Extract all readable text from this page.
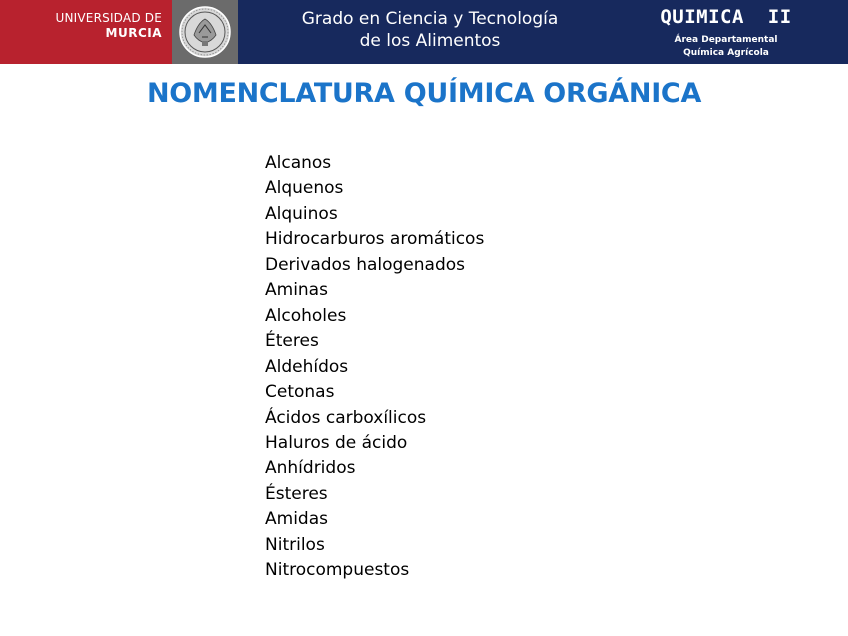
UNIVERSIDAD DE
MURCIA
Grado en Ciencia y Tecnología
de los Alimentos
QUIMICA  II
Área Departamental
Química Agrícola
NOMENCLATURA QUÍMICA ORGÁNICA
Alcanos
Alquenos
Alquinos
Hidrocarburos aromáticos
Derivados halogenados
Aminas
Alcoholes
Éteres
Aldehídos
Cetonas
Ácidos carboxílicos
Haluros de ácido
Anhídridos
Ésteres
Amidas
Nitrilos
Nitrocompuestos
